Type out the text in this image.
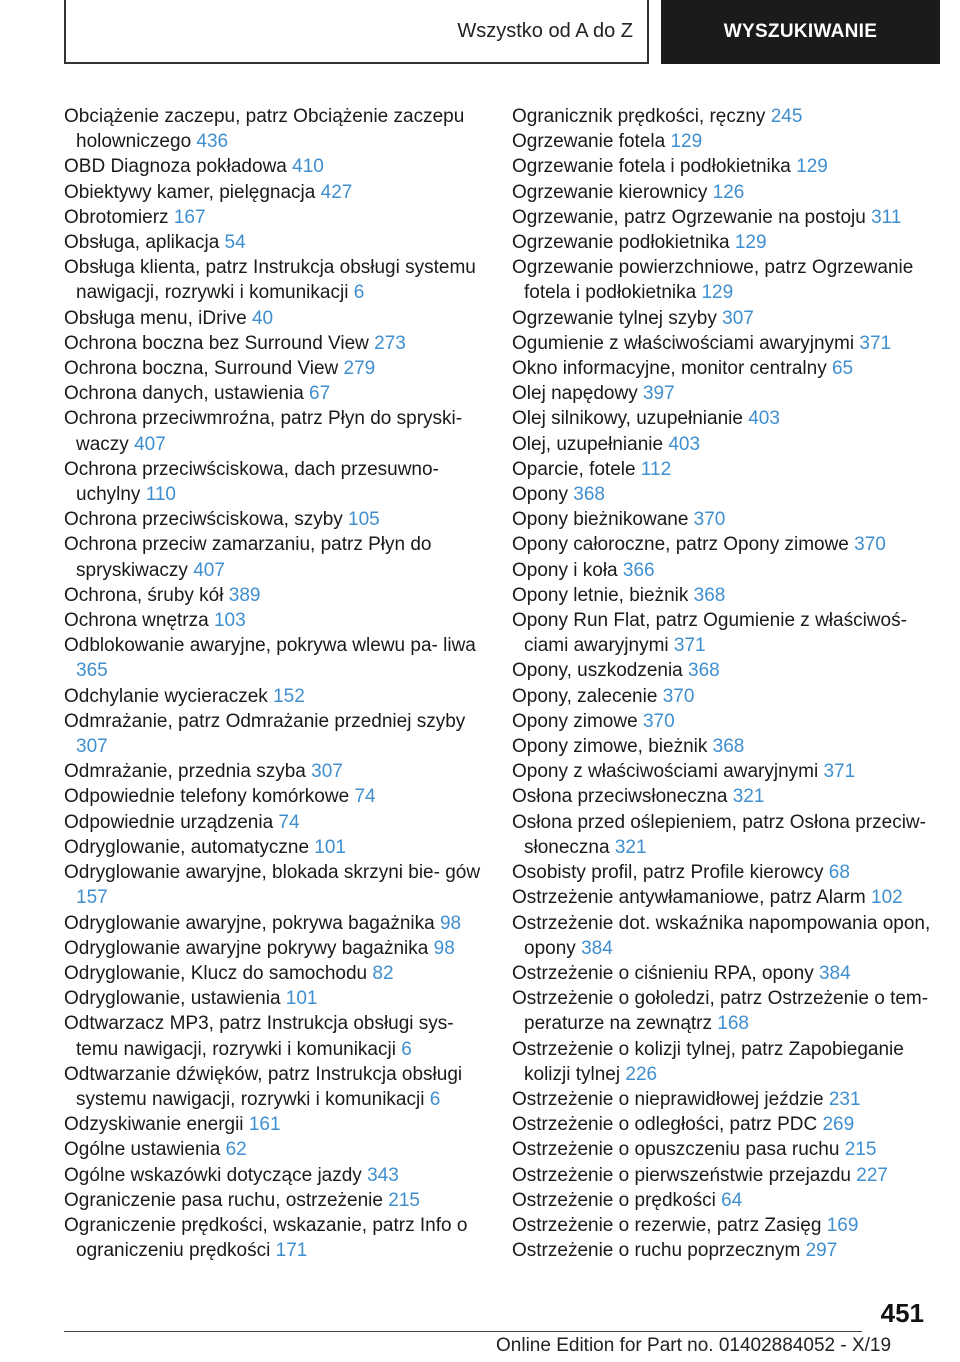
Wszystko od A do Z	WYSZUKIWANIE
Obciążenie zaczepu, patrz Obciążenie zaczepu holowniczego 436
OBD Diagnoza pokładowa 410
Obiektywy kamer, pielęgnacja 427
Obrotomierz 167
Obsługa, aplikacja 54
Obsługa klienta, patrz Instrukcja obsługi systemu nawigacji, rozrywki i komunikacji 6
Obsługa menu, iDrive 40
Ochrona boczna bez Surround View 273
Ochrona boczna, Surround View 279
Ochrona danych, ustawienia 67
Ochrona przeciwmroźna, patrz Płyn do spryski‐ waczy 407
Ochrona przeciwściskowa, dach przesuwno‐ uchylny 110
Ochrona przeciwściskowa, szyby 105
Ochrona przeciw zamarzaniu, patrz Płyn do spryskiwaczy 407
Ochrona, śruby kół 389
Ochrona wnętrza 103
Odblokowanie awaryjne, pokrywa wlewu pa‐ liwa 365
Odchylanie wycieraczek 152
Odmrażanie, patrz Odmrażanie przedniej szyby 307
Odmrażanie, przednia szyba 307
Odpowiednie telefony komórkowe 74
Odpowiednie urządzenia 74
Odryglowanie, automatyczne 101
Odryglowanie awaryjne, blokada skrzyni bie‐ gów 157
Odryglowanie awaryjne, pokrywa bagażnika 98
Odryglowanie awaryjne pokrywy bagażnika 98
Odryglowanie, Klucz do samochodu 82
Odryglowanie, ustawienia 101
Odtwarzacz MP3, patrz Instrukcja obsługi sys‐ temu nawigacji, rozrywki i komunikacji 6
Odtwarzanie dźwięków, patrz Instrukcja obsługi systemu nawigacji, rozrywki i komunikacji 6
Odzyskiwanie energii 161
Ogólne ustawienia 62
Ogólne wskazówki dotyczące jazdy 343
Ograniczenie pasa ruchu, ostrzeżenie 215
Ograniczenie prędkości, wskazanie, patrz Info o ograniczeniu prędkości 171
Ogranicznik prędkości, ręczny 245
Ogrzewanie fotela 129
Ogrzewanie fotela i podłokietnika 129
Ogrzewanie kierownicy 126
Ogrzewanie, patrz Ogrzewanie na postoju 311
Ogrzewanie podłokietnika 129
Ogrzewanie powierzchniowe, patrz Ogrzewanie fotela i podłokietnika 129
Ogrzewanie tylnej szyby 307
Ogumienie z właściwościami awaryjnymi 371
Okno informacyjne, monitor centralny 65
Olej napędowy 397
Olej silnikowy, uzupełnianie 403
Olej, uzupełnianie 403
Oparcie, fotele 112
Opony 368
Opony bieżnikowane 370
Opony całoroczne, patrz Opony zimowe 370
Opony i koła 366
Opony letnie, bieżnik 368
Opony Run Flat, patrz Ogumienie z właściwoś‐ ciami awaryjnymi 371
Opony, uszkodzenia 368
Opony, zalecenie 370
Opony zimowe 370
Opony zimowe, bieżnik 368
Opony z właściwościami awaryjnymi 371
Osłona przeciwsłoneczna 321
Osłona przed oślepieniem, patrz Osłona przeciw‐ słoneczna 321
Osobisty profil, patrz Profile kierowcy 68
Ostrzeżenie antywłamaniowe, patrz Alarm 102
Ostrzeżenie dot. wskaźnika napompowania opon, opony 384
Ostrzeżenie o ciśnieniu RPA, opony 384
Ostrzeżenie o gołoledzi, patrz Ostrzeżenie o tem‐ peraturze na zewnątrz 168
Ostrzeżenie o kolizji tylnej, patrz Zapobieganie kolizji tylnej 226
Ostrzeżenie o nieprawidłowej jeździe 231
Ostrzeżenie o odległości, patrz PDC 269
Ostrzeżenie o opuszczeniu pasa ruchu 215
Ostrzeżenie o pierwszeństwie przejazdu 227
Ostrzeżenie o prędkości 64
Ostrzeżenie o rezerwie, patrz Zasięg 169
Ostrzeżenie o ruchu poprzecznym 297
451
Online Edition for Part no. 01402884052 - X/19
